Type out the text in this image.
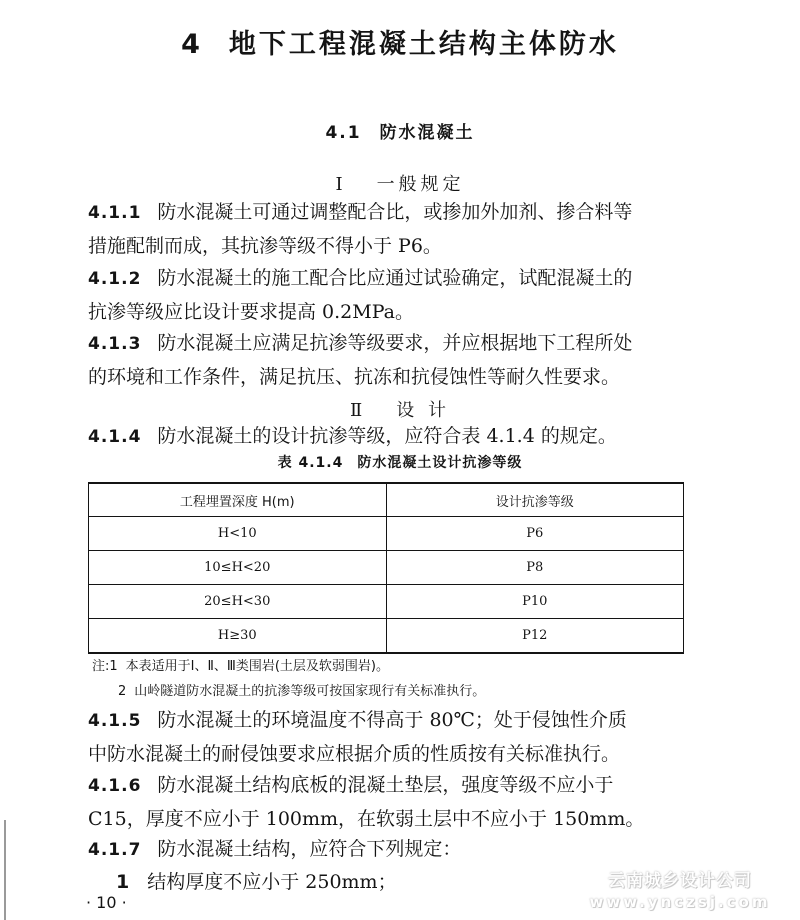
4 地下工程混凝土结构主体防水
4.1 防水混凝土
Ⅰ 一般规定
4.1.1 防水混凝土可通过调整配合比，或掺加外加剂、掺合料等
措施配制而成，其抗渗等级不得小于 P6。
4.1.2 防水混凝土的施工配合比应通过试验确定，试配混凝土的
抗渗等级应比设计要求提高 0.2MPa。
4.1.3 防水混凝土应满足抗渗等级要求，并应根据地下工程所处
的环境和工作条件，满足抗压、抗冻和抗侵蚀性等耐久性要求。
Ⅱ 设 计
4.1.4 防水混凝土的设计抗渗等级，应符合表 4.1.4 的规定。
表 4.1.4 防水混凝土设计抗渗等级
工程埋置深度 H(m)	设计抗渗等级
H<10	P6
10≤H<20	P8
20≤H<30	P10
H≥30	P12
注:1 本表适用于Ⅰ、Ⅱ、Ⅲ类围岩(土层及软弱围岩)。
2 山岭隧道防水混凝土的抗渗等级可按国家现行有关标准执行。
4.1.5 防水混凝土的环境温度不得高于 80℃；处于侵蚀性介质
中防水混凝土的耐侵蚀要求应根据介质的性质按有关标准执行。
4.1.6 防水混凝土结构底板的混凝土垫层，强度等级不应小于
C15，厚度不应小于 100mm，在软弱土层中不应小于 150mm。
4.1.7 防水混凝土结构，应符合下列规定：
1 结构厚度不应小于 250mm；
· 10 ·
云南城乡设计公司
www.ynczsj.com
